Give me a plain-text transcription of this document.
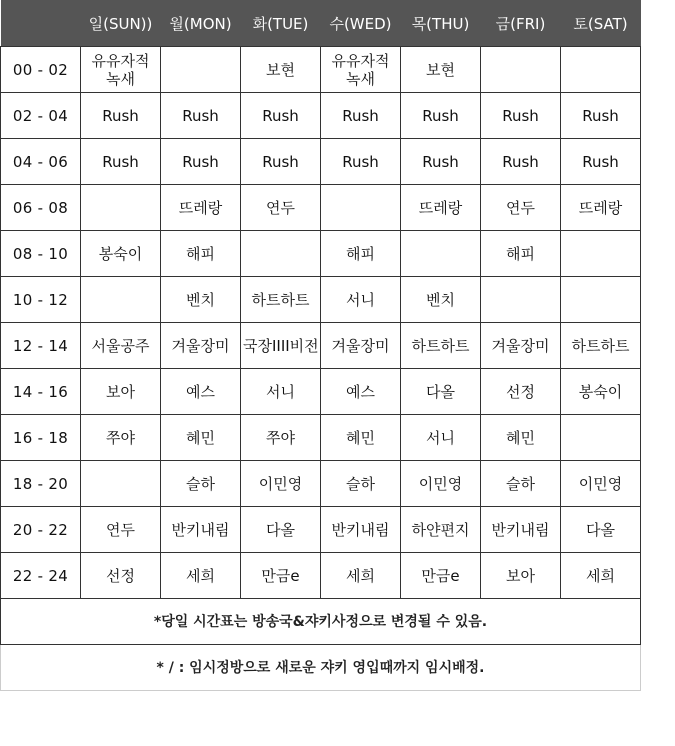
	일(SUN))	월(MON)	화(TUE)	수(WED)	목(THU)	금(FRI)	토(SAT)
00 - 02	유유자적 녹새		보현	유유자적 녹새	보현		
02 - 04	Rush	Rush	Rush	Rush	Rush	Rush	Rush
04 - 06	Rush	Rush	Rush	Rush	Rush	Rush	Rush
06 - 08		뜨레랑	연두		뜨레랑	연두	뜨레랑
08 - 10	봉숙이	해피		해피		해피	
10 - 12		벤치	하트하트	서니	벤치		
12 - 14	서울공주	겨울장미	국장IIII비전	겨울장미	하트하트	겨울장미	하트하트
14 - 16	보아	예스	서니	예스	다올	선정	봉숙이
16 - 18	쭈야	혜민	쭈야	혜민	서니	혜민	
18 - 20		슬하	이민영	슬하	이민영	슬하	이민영
20 - 22	연두	반키내림	다올	반키내림	하얀편지	반키내림	다올
22 - 24	선정	세희	만금e	세희	만금e	보아	세희
*당일 시간표는 방송국&쟈키사정으로 변경될 수 있음.							
* / : 임시정방으로 새로운 쟈키 영입때까지 임시배정.							
